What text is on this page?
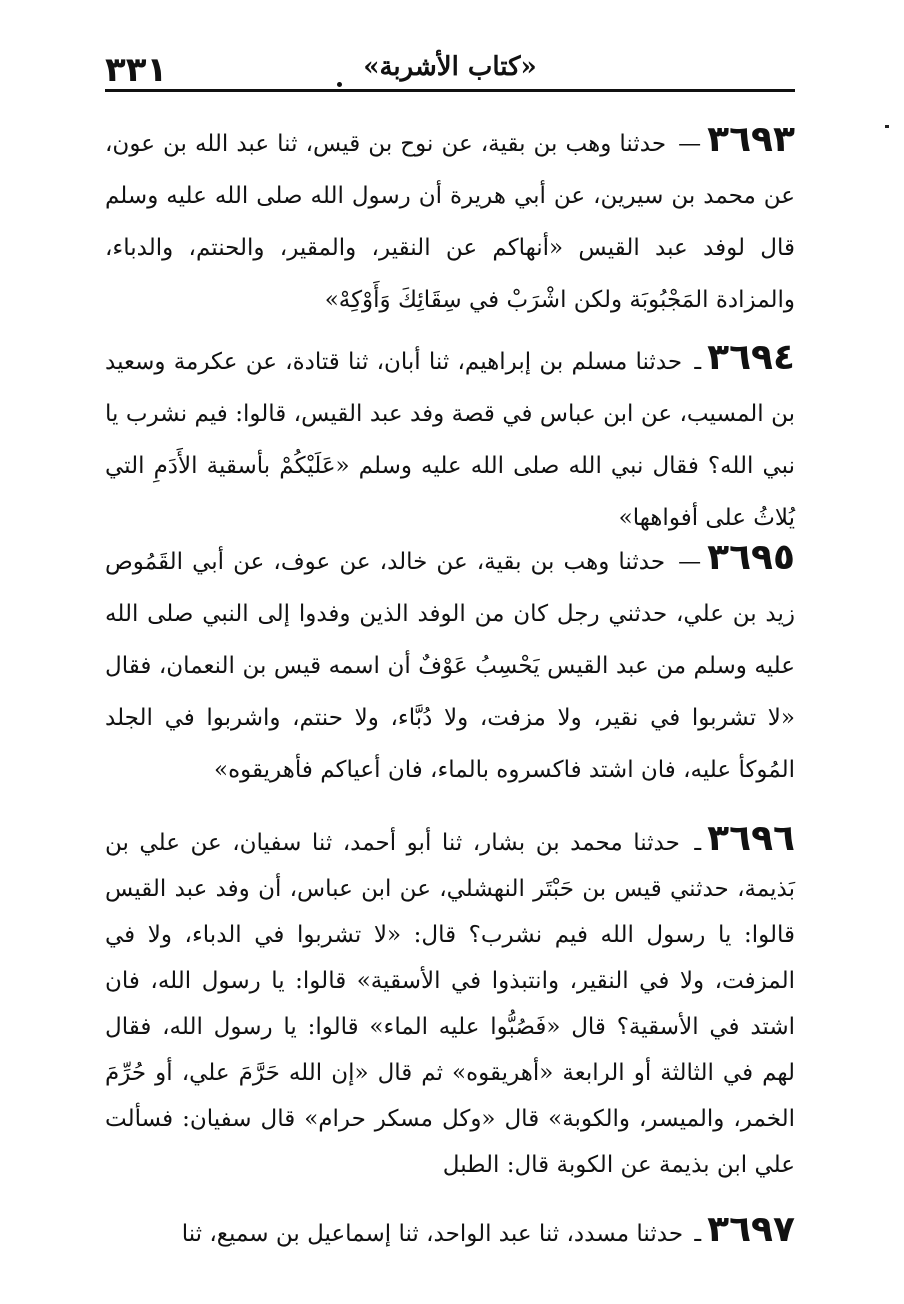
٣٣١	«كتاب الأشربة»
٣٦٩٣— حدثنا وهب بن بقية، عن نوح بن قيس، ثنا عبد الله بن عون، عن محمد بن سيرين، عن أبي هريرة أن رسول الله صلى الله عليه وسلم قال لوفد عبد القيس «أنهاكم عن النقير، والمقير، والحنتم، والدباء، والمزادة المَجْبُوبَة ولكن اشْرَبْ في سِقَائِكَ وَأَوْكِهْ»
٣٦٩٤ـ حدثنا مسلم بن إبراهيم، ثنا أبان، ثنا قتادة، عن عكرمة وسعيد بن المسيب، عن ابن عباس في قصة وفد عبد القيس، قالوا: فيم نشرب يا نبي الله؟ فقال نبي الله صلى الله عليه وسلم «عَلَيْكُمْ بأسقية الأَدَمِ التي يُلاثُ على أفواهها»
٣٦٩٥— حدثنا وهب بن بقية، عن خالد، عن عوف، عن أبي القَمُوص زيد بن علي، حدثني رجل كان من الوفد الذين وفدوا إلى النبي صلى الله عليه وسلم من عبد القيس يَحْسِبُ عَوْفٌ أن اسمه قيس بن النعمان، فقال «لا تشربوا في نقير، ولا مزفت، ولا دُبَّاء، ولا حنتم، واشربوا في الجلد المُوكأ عليه، فان اشتد فاكسروه بالماء، فان أعياكم فأهريقوه»
٣٦٩٦ـ حدثنا محمد بن بشار، ثنا أبو أحمد، ثنا سفيان، عن علي بن بَذيمة، حدثني قيس بن حَبْتَر النهشلي، عن ابن عباس، أن وفد عبد القيس قالوا: يا رسول الله فيم نشرب؟ قال: «لا تشربوا في الدباء، ولا في المزفت، ولا في النقير، وانتبذوا في الأسقية» قالوا: يا رسول الله، فان اشتد في الأسقية؟ قال «فَصُبُّوا عليه الماء» قالوا: يا رسول الله، فقال لهم في الثالثة أو الرابعة «أهريقوه» ثم قال «إن الله حَرَّمَ علي، أو حُرِّمَ الخمر، والميسر، والكوبة» قال «وكل مسكر حرام» قال سفيان: فسألت علي ابن بذيمة عن الكوبة قال: الطبل
٣٦٩٧ـ حدثنا مسدد، ثنا عبد الواحد، ثنا إسماعيل بن سميع، ثنا
